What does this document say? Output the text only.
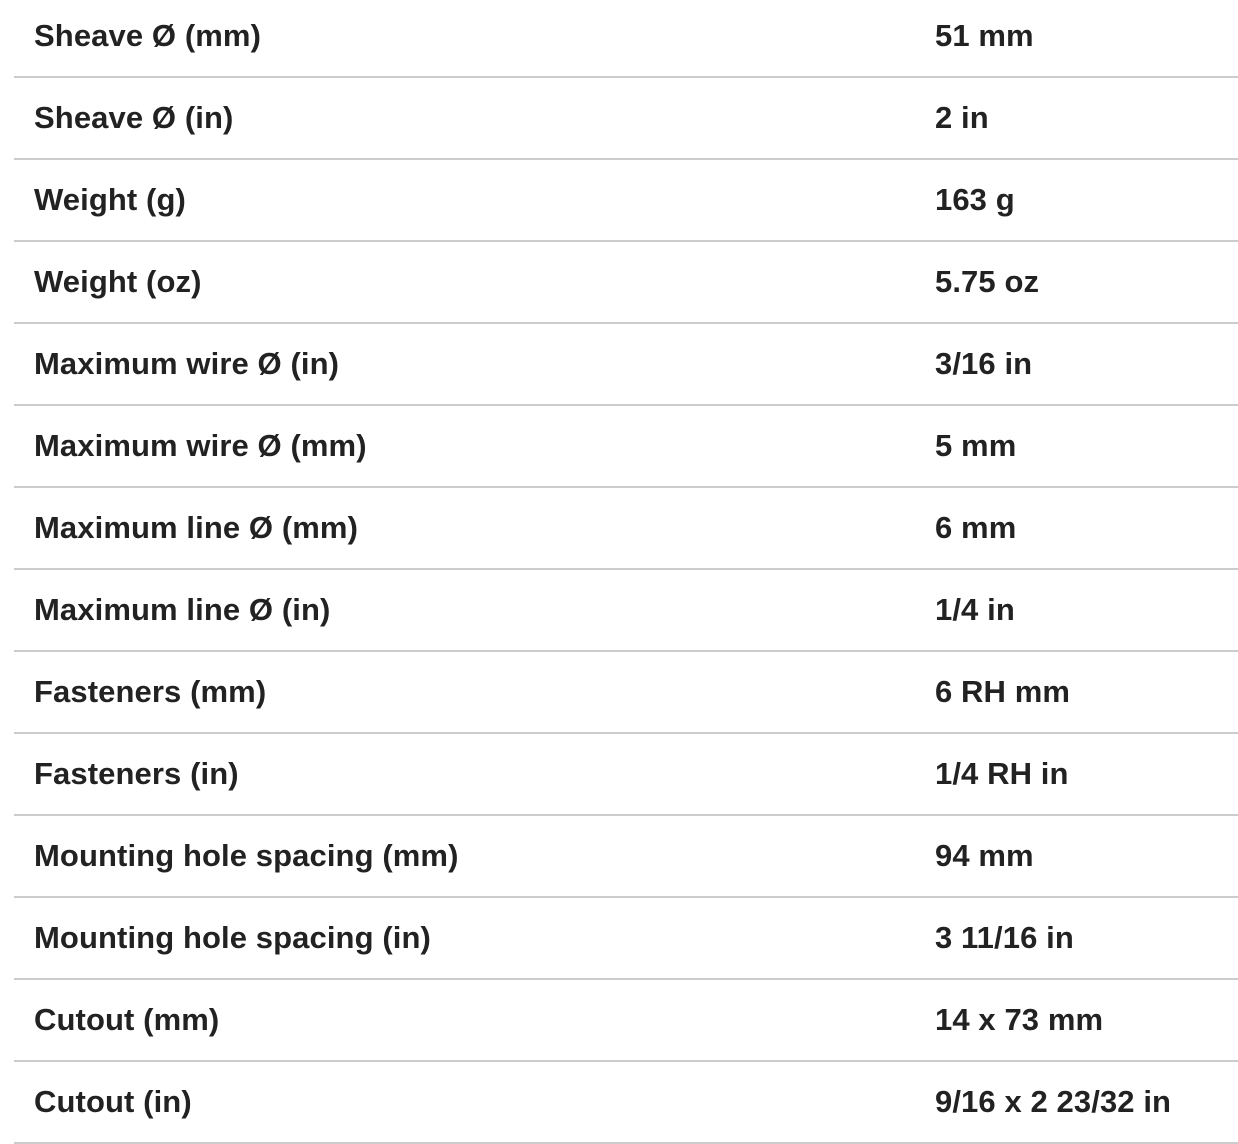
Sheave Ø (mm)	51 mm
Sheave Ø (in)	2 in
Weight (g)	163 g
Weight (oz)	5.75 oz
Maximum wire Ø (in)	3/16 in
Maximum wire Ø (mm)	5 mm
Maximum line Ø (mm)	6 mm
Maximum line Ø (in)	1/4 in
Fasteners (mm)	6 RH mm
Fasteners (in)	1/4 RH in
Mounting hole spacing (mm)	94 mm
Mounting hole spacing (in)	3 11/16 in
Cutout (mm)	14 x 73 mm
Cutout (in)	9/16 x 2 23/32 in
